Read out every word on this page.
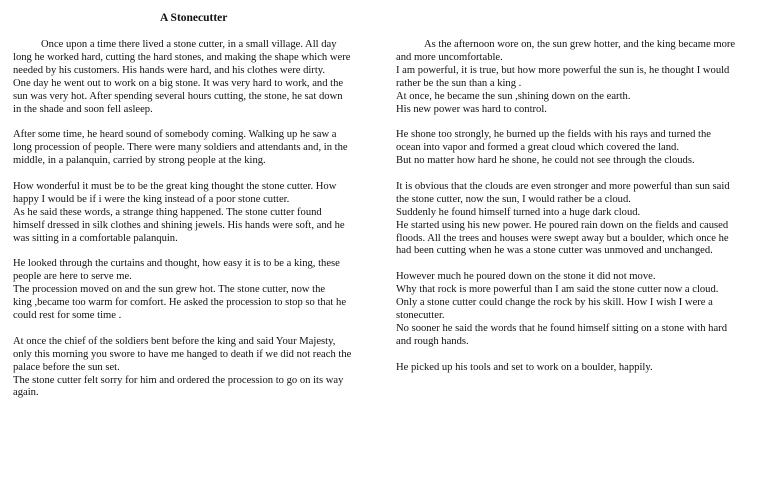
A Stonecutter
Once upon a time there lived a stone cutter, in a small village. All day
long he worked hard, cutting the hard stones, and making the shape which were
needed by his customers. His hands were hard, and his clothes were dirty.
One day he went out to work on a big stone. It was very hard to work, and the
sun was very hot. After spending several hours cutting, the stone, he sat down
in the shade and soon fell asleep.
After some time, he heard sound of somebody coming. Walking up he saw a
long procession of people. There were many soldiers and attendants and, in the
middle, in a palanquin, carried by strong people at the king.
How wonderful it must be to be the great king thought the stone cutter. How
happy I would be if i were the king instead of a poor stone cutter.
As he said these words, a strange thing happened. The stone cutter found
himself dressed in silk clothes and shining jewels. His hands were soft, and he
was sitting in a comfortable palanquin.
He looked through the curtains and thought, how easy it is to be a king, these
people are here to serve me.
The procession moved on and the sun grew hot. The stone cutter, now the
king ,became too warm for comfort. He asked the procession to stop so that he
could rest for some time .
At once the chief of the soldiers bent before the king and said Your Majesty,
only this morning you swore to have me hanged to death if we did not reach the
palace before the sun set.
The stone cutter felt sorry for him and ordered the procession to go on its way
again.
As the afternoon wore on, the sun grew hotter, and the king became more
and more uncomfortable.
I am powerful, it is true, but how more powerful the sun is, he thought I would
rather be the sun than a king .
At once, he became the sun ,shining down on the earth.
His new power was hard to control.
He shone too strongly, he burned up the fields with his rays and turned the
ocean into vapor and formed a great cloud which covered the land.
But no matter how hard he shone, he could not see through the clouds.
It is obvious that the clouds are even stronger and more powerful than sun said
the stone cutter, now the sun, I would rather be a cloud.
Suddenly he found himself turned into a huge dark cloud.
He started using his new power. He poured rain down on the fields and caused
floods. All the trees and houses were swept away but a boulder, which once he
had been cutting when he was a stone cutter was unmoved and unchanged.
However much he poured down on the stone it did not move.
Why that rock is more powerful than I am said the stone cutter now a cloud.
Only a stone cutter could change the rock by his skill. How I wish I were a
stonecutter.
No sooner he said the words that he found himself sitting on a stone with hard
and rough hands.
He picked up his tools and set to work on a boulder, happily.
